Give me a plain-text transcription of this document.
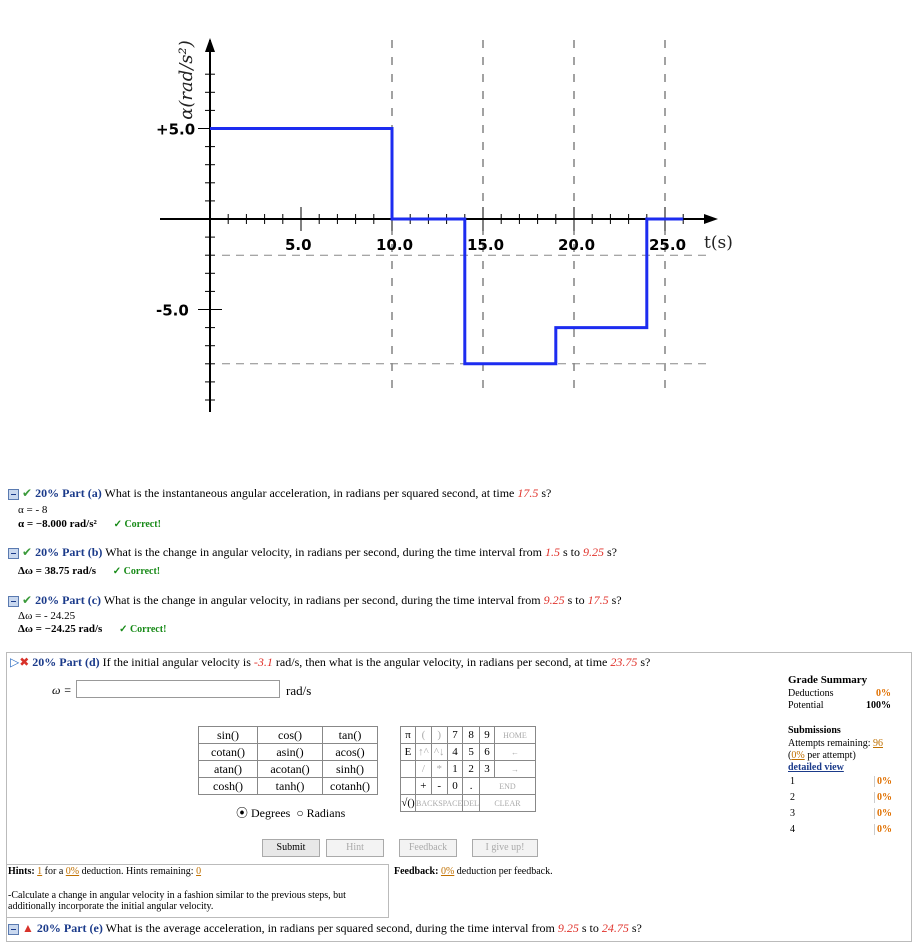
5.0	10.0	15.0	20.0	25.0
+5.0
-5.0
α(rad/s²)
t(s)
✔ 20% Part (a) What is the instantaneous angular acceleration, in radians per squared second, at time 17.5 s?
α = - 8
α = −8.000 rad/s² ✓ Correct!
✔ 20% Part (b) What is the change in angular velocity, in radians per second, during the time interval from 1.5 s to 9.25 s?
Δω = 38.75 rad/s ✓ Correct!
✔ 20% Part (c) What is the change in angular velocity, in radians per second, during the time interval from 9.25 s to 17.5 s?
Δω = - 24.25
Δω = −24.25 rad/s ✓ Correct!
▷✖ 20% Part (d) If the initial angular velocity is -3.1 rad/s, then what is the angular velocity, in radians per second, at time 23.75 s?
ω =	rad/s
sin()	cos()	tan()
cotan()	asin()	acos()
atan()	acotan()	sinh()
cosh()	tanh()	cotanh()
⦿ Degrees ○ Radians
π	(	)	7	8	9	HOME
E	↑^	^↓	4	5	6	←
	/	*	1	2	3	→
	+	-	0	.	END	
√()	BACKSPACE			DEL	CLEAR	
Submit	Hint	Feedback	I give up!
Hints: 1 for a 0% deduction. Hints remaining: 0
-Calculate a change in angular velocity in a fashion similar to the previous steps, but additionally incorporate the initial angular velocity.
Feedback: 0% deduction per feedback.
▲ 20% Part (e) What is the average acceleration, in radians per squared second, during the time interval from 9.25 s to 24.75 s?
Grade Summary
Deductions	0%
Potential	100%
Submissions
Attempts remaining: 96
(0% per attempt)
detailed view
1	0%
2	0%
3	0%
4	0%
